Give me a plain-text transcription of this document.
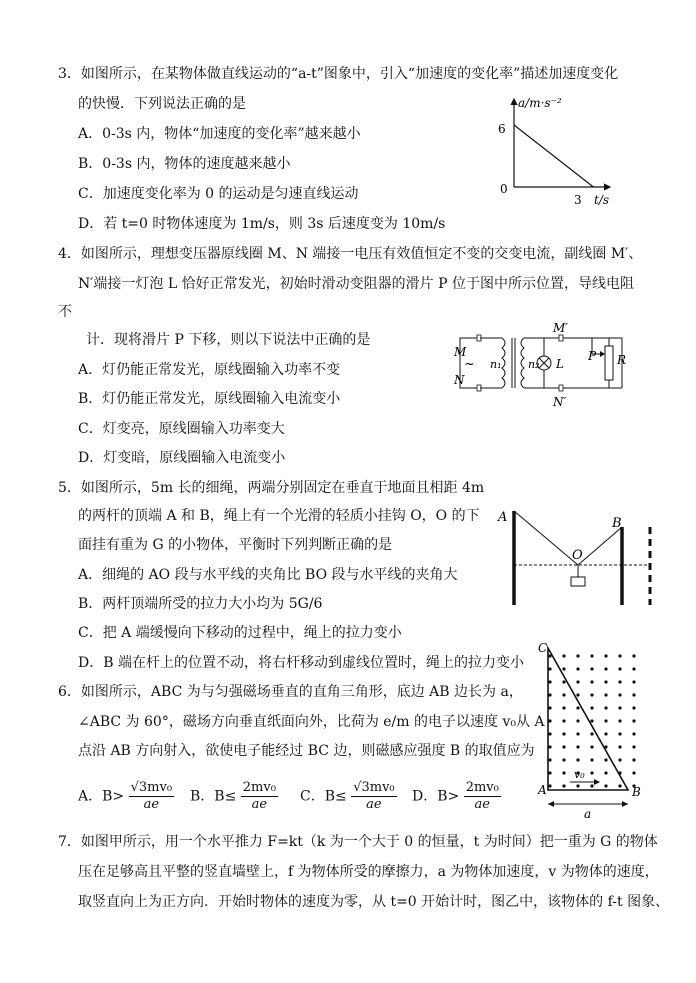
3．如图所示，在某物体做直线运动的“a-t”图象中，引入“加速度的变化率”描述加速度变化
的快慢．下列说法正确的是
A．0-3s 内，物体“加速度的变化率”越来越小
B．0-3s 内，物体的速度越来越小
C．加速度变化率为 0 的运动是匀速直线运动
D．若 t=0 时物体速度为 1m/s，则 3s 后速度变为 10m/s
a/m·s⁻²
6
0
3 t/s
4．如图所示，理想变压器原线圈 M、N 端接一电压有效值恒定不变的交变电流，副线圈 M′、
N′端接一灯泡 L 恰好正常发光，初始时滑动变阻器的滑片 P 位于图中所示位置，导线电阻
不
计．现将滑片 P 下移，则以下说法中正确的是
A．灯仍能正常发光，原线圈输入功率不变
B．灯仍能正常发光，原线圈输入电流变小
C．灯变亮，原线圈输入功率变大
D．灯变暗，原线圈输入电流变小
M
~
N
n₁ n₂
M′
N′
L
P R
5．如图所示，5m 长的细绳，两端分别固定在垂直于地面且相距 4m
的两杆的顶端 A 和 B，绳上有一个光滑的轻质小挂钩 O，O 的下
面挂有重为 G 的小物体，平衡时下列判断正确的是
A．细绳的 AO 段与水平线的夹角比 BO 段与水平线的夹角大
B．两杆顶端所受的拉力大小均为 5G/6
C．把 A 端缓慢向下移动的过程中，绳上的拉力变小
D．B 端在杆上的位置不动，将右杆移动到虚线位置时，绳上的拉力变小
A	B
O
6．如图所示，ABC 为与匀强磁场垂直的直角三角形，底边 AB 边长为 a，
∠ABC 为 60°，磁场方向垂直纸面向外，比荷为 e/m 的电子以速度 v₀从 A
点沿 AB 方向射入，欲使电子能经过 BC 边，则磁感应强度 B 的取值应为
A．$B> \frac{\text{√3mv₀}}{ae}$ B．$B\le \frac{\text{2mv₀}}{ae}$ C．$B\le \frac{\text{√3mv₀}}{ae}$ D．$B> \frac{\text{2mv₀}}{ae}$
C
A	B
v₀
a
7．如图甲所示，用一个水平推力 F=kt（k 为一个大于 0 的恒量，t 为时间）把一重为 G 的物体
压在足够高且平整的竖直墙壁上，f 为物体所受的摩擦力，a 为物体加速度，v 为物体的速度，
取竖直向上为正方向．开始时物体的速度为零，从 t=0 开始计时，图乙中，该物体的 f-t 图象、
